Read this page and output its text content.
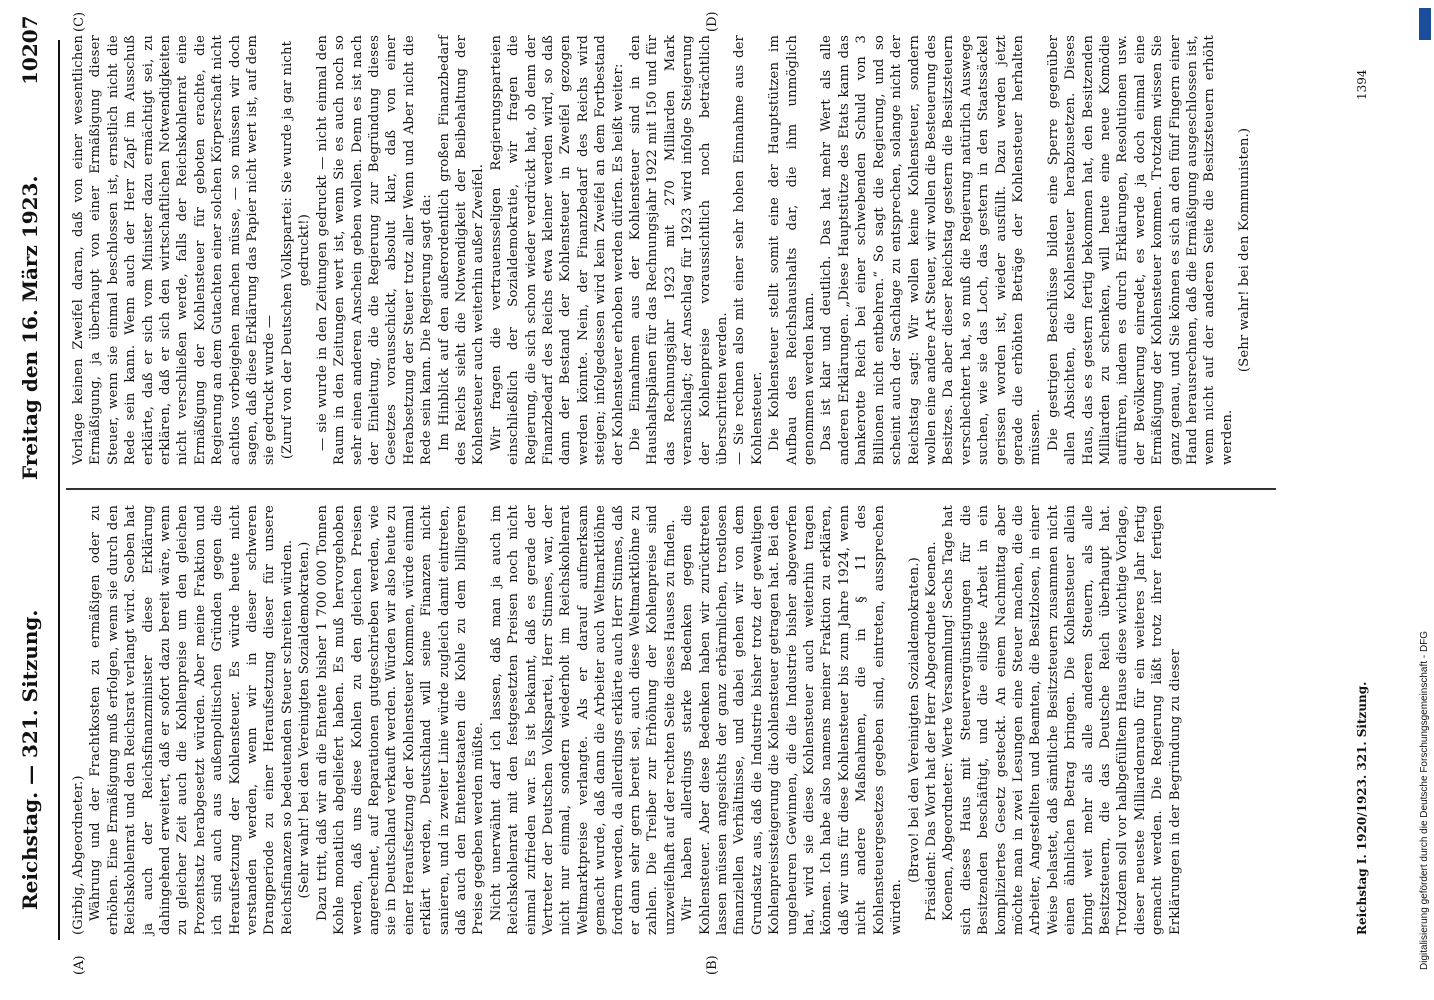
Reichstag. — 321. Sitzung.
Freitag den 16. März 1923.
10207
(A)	(B)
(C)	(D)

(Girbig, Abgeordneter.) Währung und der Frachtkosten zu ermäßigen oder zu erhöhen. Eine Ermäßigung muß erfolgen, wenn sie durch den Reichskohlenrat und den Reichsrat verlangt wird. Soeben hat ja auch der Reichsfinanzminister diese Erklärung dahingehend erweitert, daß er sofort dazu bereit wäre, wenn zu gleicher Zeit auch die Kohlenpreise um den gleichen Prozentsatz herabgesetzt würden. Aber meine Fraktion und ich sind auch aus außenpolitischen Gründen gegen die Heraufsetzung der Kohlensteuer. Es würde heute nicht verstanden werden, wenn wir in dieser schweren Drangperiode zu einer Heraufsetzung dieser für unsere Reichsfinanzen so bedeutenden Steuer schreiten würden. (Sehr wahr! bei den Vereinigten Sozialdemokraten.) Dazu tritt, daß wir an die Entente bisher 1 700 000 Tonnen Kohle monatlich abgeliefert haben. Es muß hervorgehoben werden, daß uns diese Kohlen zu den gleichen Preisen angerechnet, auf Reparationen gutgeschrieben werden, wie sie in Deutschland verkauft werden. Würden wir also heute zu einer Heraufsetzung der Kohlensteuer kommen, würde einmal erklärt werden, Deutschland will seine Finanzen nicht sanieren, und in zweiter Linie würde zugleich damit eintreten, daß auch den Ententestaaten die Kohle zu dem billigeren Preise gegeben werden müßte. Nicht unerwähnt darf ich lassen, daß man ja auch im Reichskohlenrat mit den festgesetzten Preisen noch nicht einmal zufrieden war. Es ist bekannt, daß es gerade der Vertreter der Deutschen Volkspartei, Herr Stinnes, war, der nicht nur einmal, sondern wiederholt im Reichskohlenrat Weltmarktpreise verlangte. Als er darauf aufmerksam gemacht wurde, daß dann die Arbeiter auch Weltmarktlöhne fordern werden, da allerdings erklärte auch Herr Stinnes, daß er dann sehr gern bereit sei, auch diese Weltmarktlöhne zu zahlen. Die Treiber zur Erhöhung der Kohlenpreise sind unzweifelhaft auf der rechten Seite dieses Hauses zu finden. Wir haben allerdings starke Bedenken gegen die Kohlensteuer. Aber diese Bedenken haben wir zurücktreten lassen müssen angesichts der ganz erbärmlichen, trostlosen finanziellen Verhältnisse, und dabei gehen wir von dem Grundsatz aus, daß die Industrie bisher trotz der gewaltigen Kohlenpreissteigerung die Kohlensteuer getragen hat. Bei den ungeheuren Gewinnen, die die Industrie bisher abgeworfen hat, wird sie diese Kohlensteuer auch weiterhin tragen können. Ich habe also namens meiner Fraktion zu erklären, daß wir uns für diese Kohlensteuer bis zum Jahre 1924, wenn nicht andere Maßnahmen, die in § 11 des Kohlensteuergesetzes gegeben sind, eintreten, aussprechen würden.

(Bravo! bei den Vereinigten Sozialdemokraten.) Präsident: Das Wort hat der Herr Abgeordnete Koenen. Koenen, Abgeordneter: Werte Versammlung! Sechs Tage hat sich dieses Haus mit Steuervergünstigungen für die Besitzenden beschäftigt, und die eiligste Arbeit in ein kompliziertes Gesetz gesteckt. An einem Nachmittag aber möchte man in zwei Lesungen eine Steuer machen, die die Arbeiter, Angestellten und Beamten, die Besitzlosen, in einer Weise belastet, daß sämtliche Besitzsteuern zusammen nicht einen ähnlichen Betrag bringen. Die Kohlensteuer allein bringt weit mehr als alle anderen Steuern, als alle Besitzsteuern, die das Deutsche Reich überhaupt hat. Trotzdem soll vor halbgefülltem Hause diese wichtige Vorlage, dieser neueste Milliardenraub für ein weiteres Jahr fertig gemacht werden. Die Regierung läßt trotz ihrer fertigen Erklärungen in der Begründung zu dieser

Vorlage keinen Zweifel daran, daß von einer wesentlichen Ermäßigung, ja überhaupt von einer Ermäßigung dieser Steuer, wenn sie einmal beschlossen ist, ernstlich nicht die Rede sein kann. Wenn auch der Herr Zapf im Ausschuß erklärte, daß er sich vom Minister dazu ermächtigt sei, zu erklären, daß er sich den wirtschaftlichen Notwendigkeiten nicht verschließen werde, falls der Reichskohlenrat eine Ermäßigung der Kohlensteuer für geboten erachte, die Regierung an dem Gutachten einer solchen Körperschaft nicht achtlos vorbeigehen machen müsse, — so müssen wir doch sagen, daß diese Erklärung das Papier nicht wert ist, auf dem sie gedruckt wurde — (Zuruf von der Deutschen Volkspartei: Sie wurde ja gar nicht gedruckt!) — sie wurde in den Zeitungen gedruckt — nicht einmal den Raum in den Zeitungen wert ist, wenn Sie es auch noch so sehr einen anderen Anschein geben wollen. Denn es ist nach der Einleitung, die die Regierung zur Begründung dieses Gesetzes vorausschickt, absolut klar, daß von einer Herabsetzung der Steuer trotz aller Wenn und Aber nicht die Rede sein kann. Die Regierung sagt da: Im Hinblick auf den außerordentlich großen Finanzbedarf des Reichs sieht die Notwendigkeit der Beibehaltung der Kohlensteuer auch weiterhin außer Zweifel. Wir fragen die vertrauensseligen Regierungsparteien einschließlich der Sozialdemokratie, wir fragen die Regierung, die sich schon wieder verdrückt hat, ob denn der Finanzbedarf des Reichs etwa kleiner werden wird, so daß dann der Bestand der Kohlensteuer in Zweifel gezogen werden könnte. Nein, der Finanzbedarf des Reichs wird steigen; infolgedessen wird kein Zweifel an dem Fortbestand der Kohlensteuer erhoben werden dürfen. Es heißt weiter: Die Einnahmen aus der Kohlensteuer sind in den Haushaltsplänen für das Rechnungsjahr 1922 mit 150 und für das Rechnungsjahr 1923 mit 270 Milliarden Mark veranschlagt; der Anschlag für 1923 wird infolge Steigerung der Kohlenpreise voraussichtlich noch beträchtlich überschritten werden. — Sie rechnen also mit einer sehr hohen Einnahme aus der Kohlensteuer. Die Kohlensteuer stellt somit eine der Hauptstützen im Aufbau des Reichshaushalts dar, die ihm unmöglich genommen werden kann. Das ist klar und deutlich. Das hat mehr Wert als alle anderen Erklärungen. „Diese Hauptstütze des Etats kann das bankerotte Reich bei einer schwebenden Schuld von 3 Billionen nicht entbehren.“ So sagt die Regierung, und so scheint auch der Sachlage zu entsprechen, solange nicht der Reichstag sagt: Wir wollen keine Kohlensteuer, sondern wollen eine andere Art Steuer, wir wollen die Besteuerung des Besitzes. Da aber dieser Reichstag gestern die Besitzsteuern verschlechtert hat, so muß die Regierung natürlich Auswege suchen, wie sie das Loch, das gestern in den Staatssäckel gerissen worden ist, wieder ausfüllt. Dazu werden jetzt gerade die erhöhten Beträge der Kohlensteuer herhalten müssen. Die gestrigen Beschlüsse bilden eine Sperre gegenüber allen Absichten, die Kohlensteuer herabzusetzen. Dieses Haus, das es gestern fertig bekommen hat, den Besitzenden Milliarden zu schenken, will heute eine neue Komödie aufführen, indem es durch Erklärungen, Resolutionen usw. der Bevölkerung einredet, es werde ja doch einmal eine Ermäßigung der Kohlensteuer kommen. Trotzdem wissen Sie ganz genau, und Sie können es sich an den fünf Fingern einer Hand herausrechnen, daß die Ermäßigung ausgeschlossen ist, wenn nicht auf der anderen Seite die Besitzsteuern erhöht werden.

(Sehr wahr! bei den Kommunisten.)

Reichstag I. 1920/1923. 321. Sitzung.
1394
Digitalisierung gefördert durch die Deutsche Forschungsgemeinschaft - DFG
